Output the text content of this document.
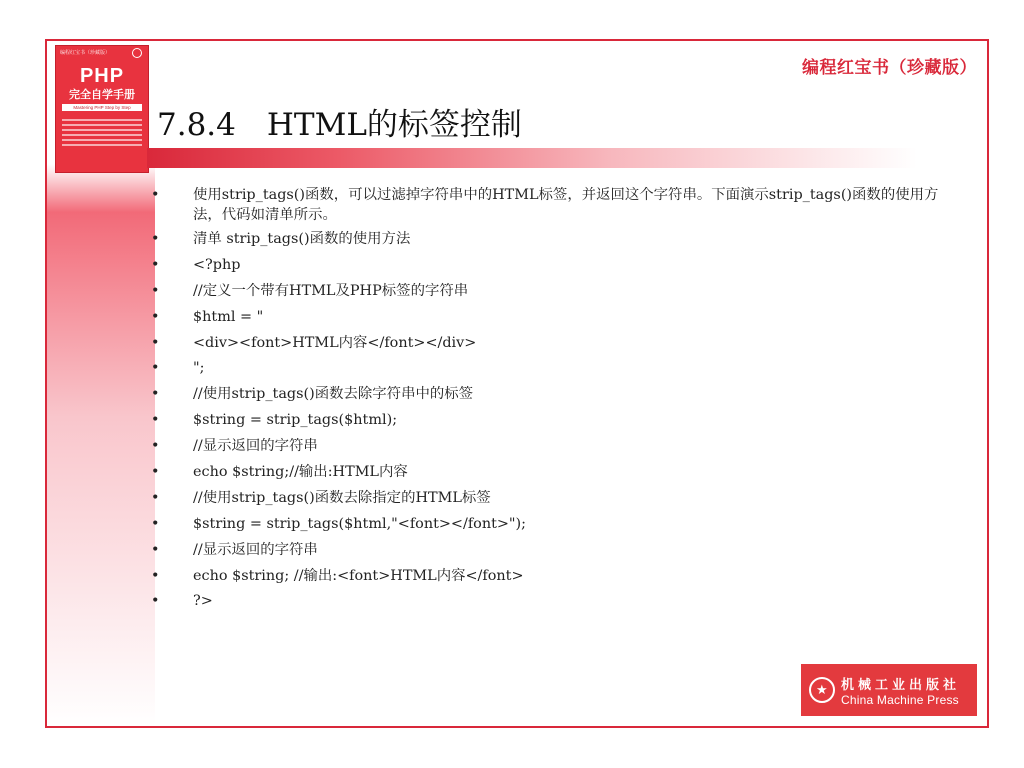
编程红宝书（珍藏版）
PHP
完全自学手册
Mastering PHP Step by Step
编程红宝书（珍藏版）
7.8.4　HTML的标签控制
•	使用strip_tags()函数，可以过滤掉字符串中的HTML标签，并返回这个字符串。下面演示strip_tags()函数的使用方法，代码如清单所示。
•	清单 strip_tags()函数的使用方法
•	<?php
•	//定义一个带有HTML及PHP标签的字符串
•	$html = "
•	<div><font>HTML内容</font></div>
•	";
•	//使用strip_tags()函数去除字符串中的标签
•	$string = strip_tags($html);
•	//显示返回的字符串
•	echo $string;//输出:HTML内容
•	//使用strip_tags()函数去除指定的HTML标签
•	$string = strip_tags($html,"<font></font>");
•	//显示返回的字符串
•	echo $string; //输出:<font>HTML内容</font>
•	?>
★
机械工业出版社
China Machine Press
